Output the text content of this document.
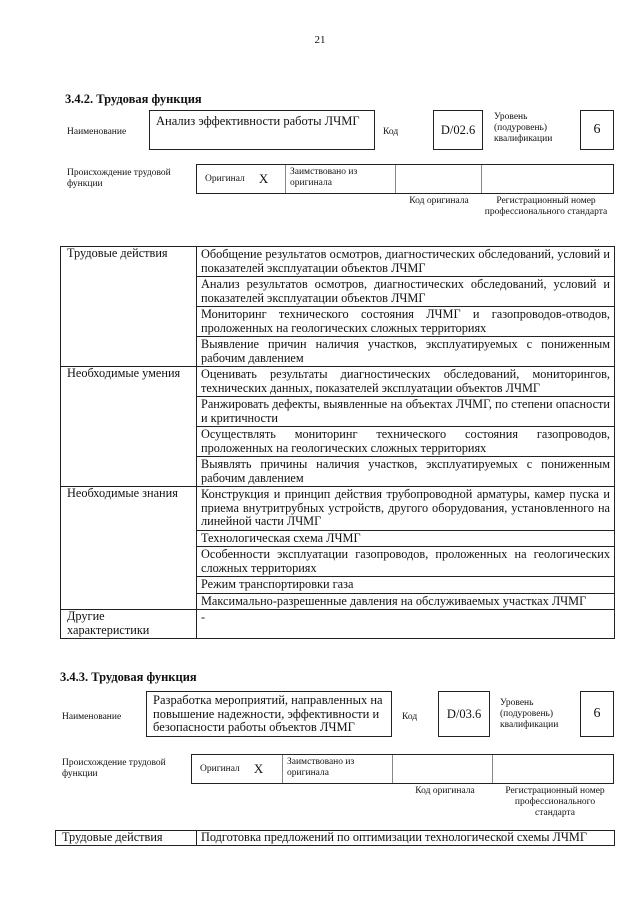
21
3.4.2. Трудовая функция
Наименование
Анализ эффективности работы ЛЧМГ
Код	D/02.6
Уровень (подуровень) квалификации
6
Происхождение трудовой функции
Оригинал X	Заимствовано из оригинала
Код оригинала	Регистрационный номер профессионального стандарта
Трудовые действия	Обобщение результатов осмотров, диагностических обследований, условий и показателей эксплуатации объектов ЛЧМГ
Анализ результатов осмотров, диагностических обследований, условий и показателей эксплуатации объектов ЛЧМГ
Мониторинг технического состояния ЛЧМГ и газопроводов-отводов, проложенных на геологических сложных территориях
Выявление причин наличия участков, эксплуатируемых с пониженным рабочим давлением

Необходимые умения	Оценивать результаты диагностических обследований, мониторингов, технических данных, показателей эксплуатации объектов ЛЧМГ
Ранжировать дефекты, выявленные на объектах ЛЧМГ, по степени опасности и критичности
Осуществлять мониторинг технического состояния газопроводов, проложенных на геологических сложных территориях
Выявлять причины наличия участков, эксплуатируемых с пониженным рабочим давлением

Необходимые знания	Конструкция и принцип действия трубопроводной арматуры, камер пуска и приема внутритрубных устройств, другого оборудования, установленного на линейной части ЛЧМГ
Технологическая схема ЛЧМГ
Особенности эксплуатации газопроводов, проложенных на геологических сложных территориях
Режим транспортировки газа
Максимально-разрешенные давления на обслуживаемых участках ЛЧМГ

Другие характеристики	-
3.4.3. Трудовая функция
Наименование
Разработка мероприятий, направленных на повышение надежности, эффективности и безопасности работы объектов ЛЧМГ
Код D/03.6
Уровень (подуровень) квалификации
6
Происхождение трудовой функции
Оригинал X	Заимствовано из оригинала
Код оригинала	Регистрационный номер профессионального стандарта
Трудовые действия	Подготовка предложений по оптимизации технологической схемы ЛЧМГ
